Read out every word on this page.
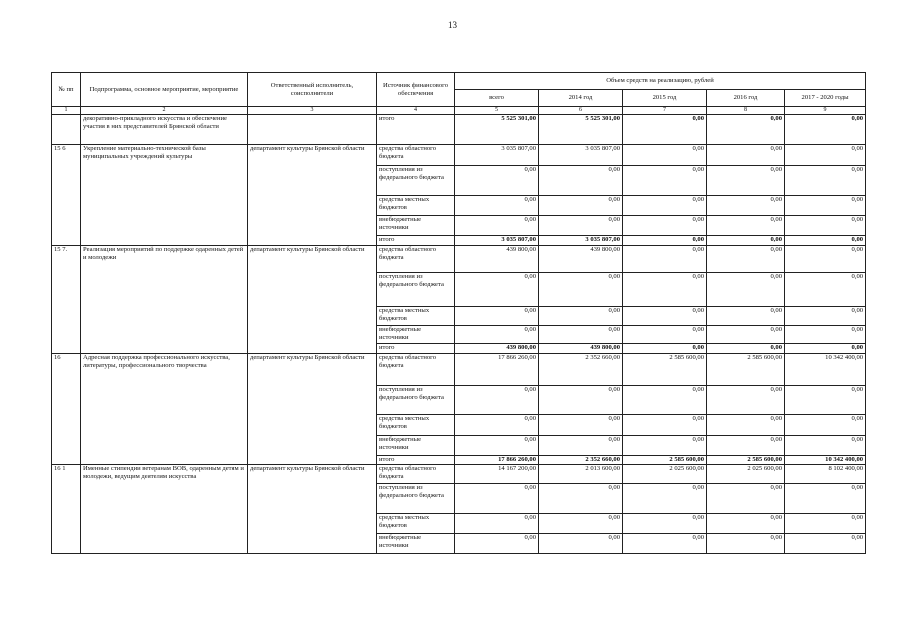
13
№ пп	Подпрограмма, основное мероприятие, мероприятие	Ответственный исполнитель, соисполнители	Источник финансового обеспечения	Объем средств на реализацию, рублей				
				всего	2014 год	2015 год	2016 год	2017 - 2020 годы
1	2	3	4	5	6	7	8	9
	декоративно-прикладного искусства и обеспечение участия в них представителей Брянской области		итого	5 525 301,00	5 525 301,00	0,00	0,00	0,00
15 6	Укрепление материально-технической базы муниципальных учреждений культуры	департамент культуры Брянской области	средства областного бюджета	3 035 807,00	3 035 807,00	0,00	0,00	0,00
			поступления из федерального бюджета	0,00	0,00	0,00	0,00	0,00
			средства местных бюджетов	0,00	0,00	0,00	0,00	0,00
			внебюджетные источники	0,00	0,00	0,00	0,00	0,00
			итого	3 035 807,00	3 035 807,00	0,00	0,00	0,00
15 7.	Реализация мероприятий по поддержке одаренных детей и молодежи	департамент культуры Брянской области	средства областного бюджета	439 800,00	439 800,00	0,00	0,00	0,00
			поступления из федерального бюджета	0,00	0,00	0,00	0,00	0,00
			средства местных бюджетов	0,00	0,00	0,00	0,00	0,00
			внебюджетные источники	0,00	0,00	0,00	0,00	0,00
			итого	439 800,00	439 800,00	0,00	0,00	0,00
16	Адресная поддержка профессионального искусства, литературы, профессионального творчества	департамент культуры Брянской области	средства областного бюджета	17 866 260,00	2 352 660,00	2 585 600,00	2 585 600,00	10 342 400,00
			поступления из федерального бюджета	0,00	0,00	0,00	0,00	0,00
			средства местных бюджетов	0,00	0,00	0,00	0,00	0,00
			внебюджетные источники	0,00	0,00	0,00	0,00	0,00
			итого	17 866 260,00	2 352 660,00	2 585 600,00	2 585 600,00	10 342 400,00
16 1	Именные стипендии ветеранам ВОВ, одаренным детям и молодежи, ведущим деятелям искусства	департамент культуры Брянской области	средства областного бюджета	14 167 200,00	2 013 600,00	2 025 600,00	2 025 600,00	8 102 400,00
			поступления из федерального бюджета	0,00	0,00	0,00	0,00	0,00
			средства местных бюджетов	0,00	0,00	0,00	0,00	0,00
			внебюджетные источники	0,00	0,00	0,00	0,00	0,00
